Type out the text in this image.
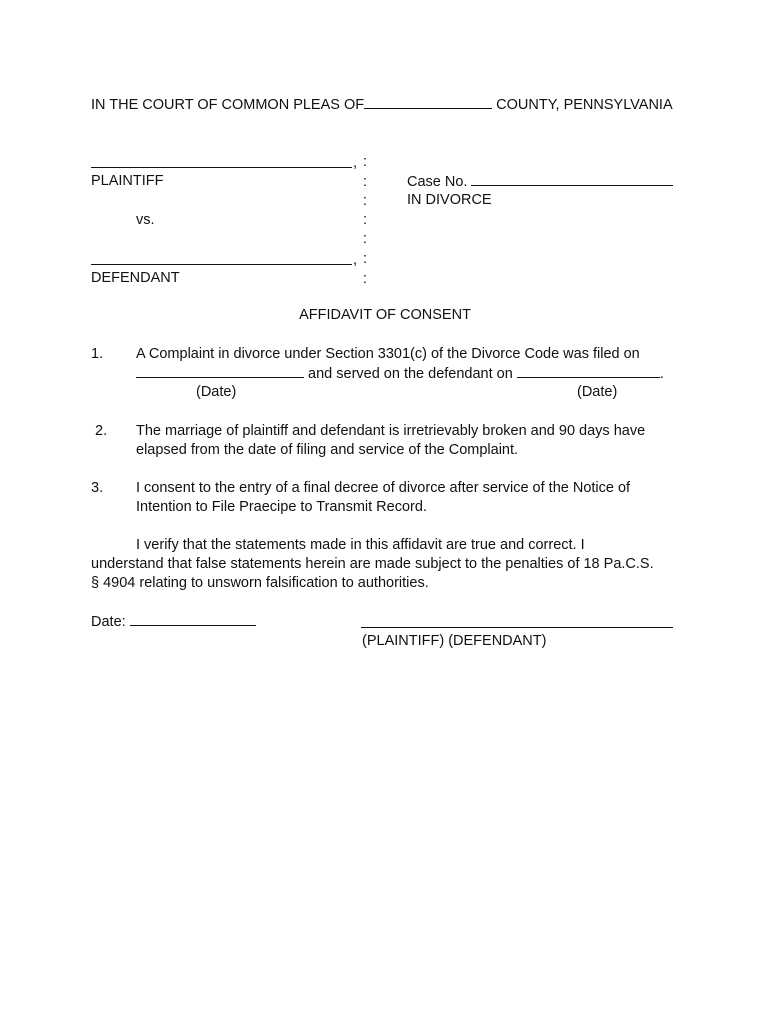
IN THE COURT OF COMMON PLEAS OF	COUNTY, PENNSYLVANIA
,
PLAINTIFF
vs.
,
DEFENDANT
:
:
:
:
:
:
:
Case No.
IN DIVORCE
AFFIDAVIT OF CONSENT
1. A Complaint in divorce under Section 3301(c) of the Divorce Code was filed on
and served on the defendant on	.
(Date)	(Date)
2. The marriage of plaintiff and defendant is irretrievably broken and 90 days have elapsed from the date of filing and service of the Complaint.
3. I consent to the entry of a final decree of divorce after service of the Notice of Intention to File Praecipe to Transmit Record.
I verify that the statements made in this affidavit are true and correct. I
understand that false statements herein are made subject to the penalties of 18 Pa.C.S.
§ 4904 relating to unsworn falsification to authorities.
Date:
(PLAINTIFF) (DEFENDANT)
